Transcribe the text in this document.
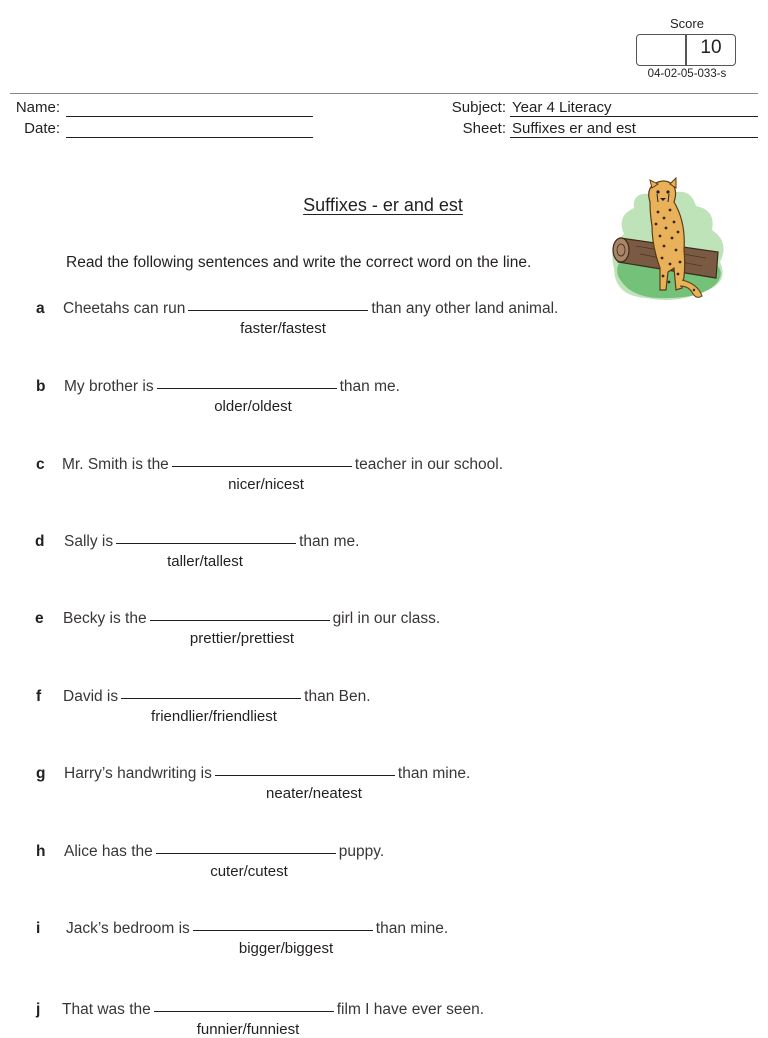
Score
10
04-02-05-033-s
Name:
Date:
Subject: Year 4 Literacy
Sheet: Suffixes er and est
Suffixes - er and est
Read the following sentences and write the correct word on the line.
a Cheetahs can run	than any other land animal.
faster/fastest
b My brother is	than me.
older/oldest
c Mr. Smith is the	teacher in our school.
nicer/nicest
d Sally is	than me.
taller/tallest
e Becky is the	girl in our class.
prettier/prettiest
f David is	than Ben.
friendlier/friendliest
g Harry’s handwriting is	than mine.
neater/neatest
h Alice has the	puppy.
cuter/cutest
i Jack’s bedroom is	than mine.
bigger/biggest
j That was the	film I have ever seen.
funnier/funniest
